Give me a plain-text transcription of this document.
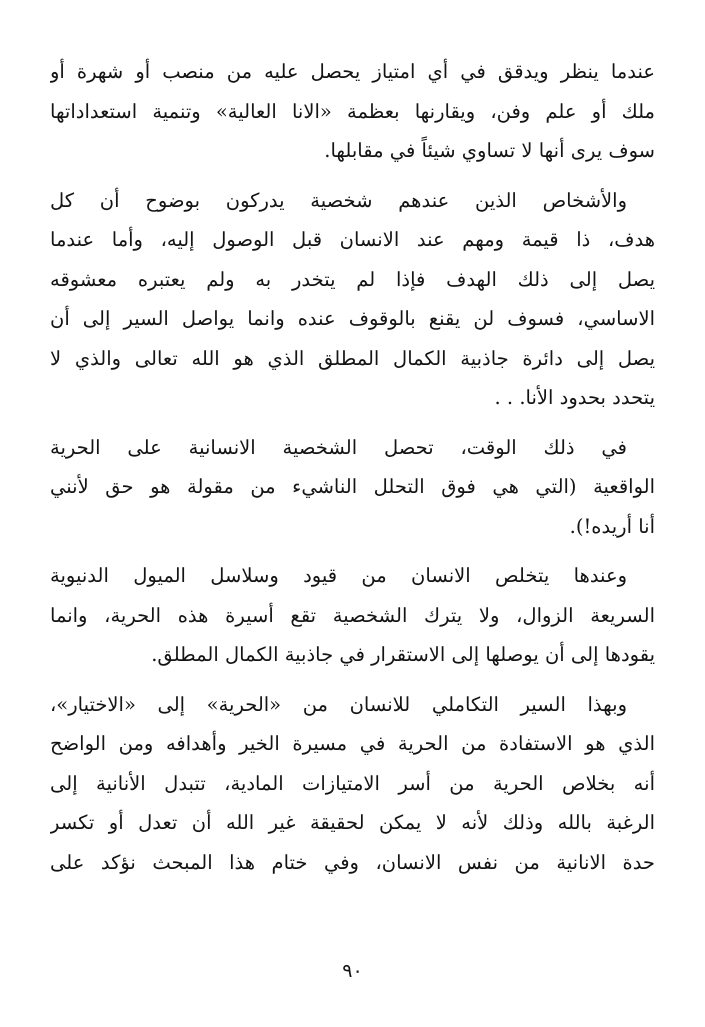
عندما ينظر ويدقق في أي امتياز يحصل عليه من منصب أو شهرة أو
ملك أو علم وفن، ويقارنها بعظمة «الانا العالية» وتنمية استعداداتها
سوف يرى أنها لا تساوي شيئاً في مقابلها.
والأشخاص الذين عندهم شخصية يدركون بوضوح أن كل
هدف، ذا قيمة ومهم عند الانسان قبل الوصول إليه، وأما عندما
يصل إلى ذلك الهدف فإذا لم يتخدر به ولم يعتبره معشوقه
الاساسي، فسوف لن يقنع بالوقوف عنده وانما يواصل السير إلى أن
يصل إلى دائرة جاذبية الكمال المطلق الذي هو الله تعالى والذي لا
يتحدد بحدود الأنا. . .
في ذلك الوقت، تحصل الشخصية الانسانية على الحرية
الواقعية (التي هي فوق التحلل الناشيء من مقولة هو حق لأنني
أنا أريده!).
وعندها يتخلص الانسان من قيود وسلاسل الميول الدنيوية
السريعة الزوال، ولا يترك الشخصية تقع أسيرة هذه الحرية، وانما
يقودها إلى أن يوصلها إلى الاستقرار في جاذبية الكمال المطلق.
وبهذا السير التكاملي للانسان من «الحرية» إلى «الاختيار»،
الذي هو الاستفادة من الحرية في مسيرة الخير وأهدافه ومن الواضح
أنه بخلاص الحرية من أسر الامتيازات المادية، تتبدل الأنانية إلى
الرغبة بالله وذلك لأنه لا يمكن لحقيقة غير الله أن تعدل أو تكسر
حدة الانانية من نفس الانسان، وفي ختام هذا المبحث نؤكد على
٩٠
